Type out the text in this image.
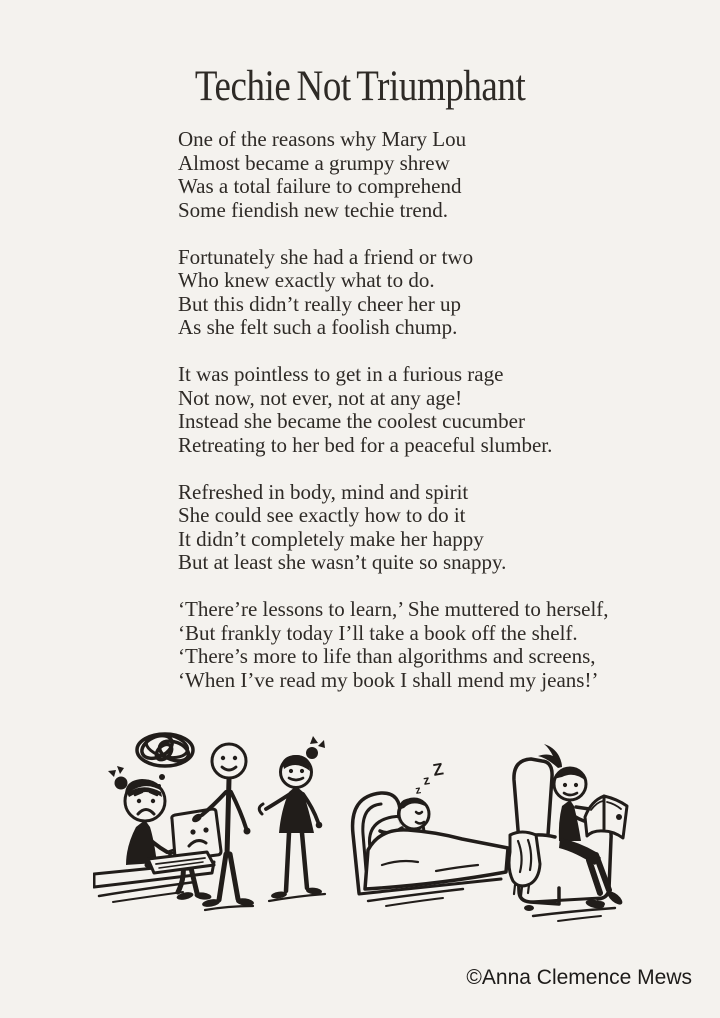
Techie Not Triumphant

One of the reasons why Mary Lou
Almost became a grumpy shrew
Was a total failure to comprehend
Some fiendish new techie trend.

Fortunately she had a friend or two
Who knew exactly what to do.
But this didn’t really cheer her up
As she felt such a foolish chump.

It was pointless to get in a furious rage
Not now, not ever, not at any age!
Instead she became the coolest cucumber
Retreating to her bed for a peaceful slumber.

Refreshed in body, mind and spirit
She could see exactly how to do it
It didn’t completely make her happy
But at least she wasn’t quite so snappy.

‘There’re lessons to learn,’ She muttered to herself,
‘But frankly today I’ll take a book off the shelf.
‘There’s more to life than algorithms and screens,
‘When I’ve read my book I shall mend my jeans!’

Z
z
z
©Anna Clemence Mews
